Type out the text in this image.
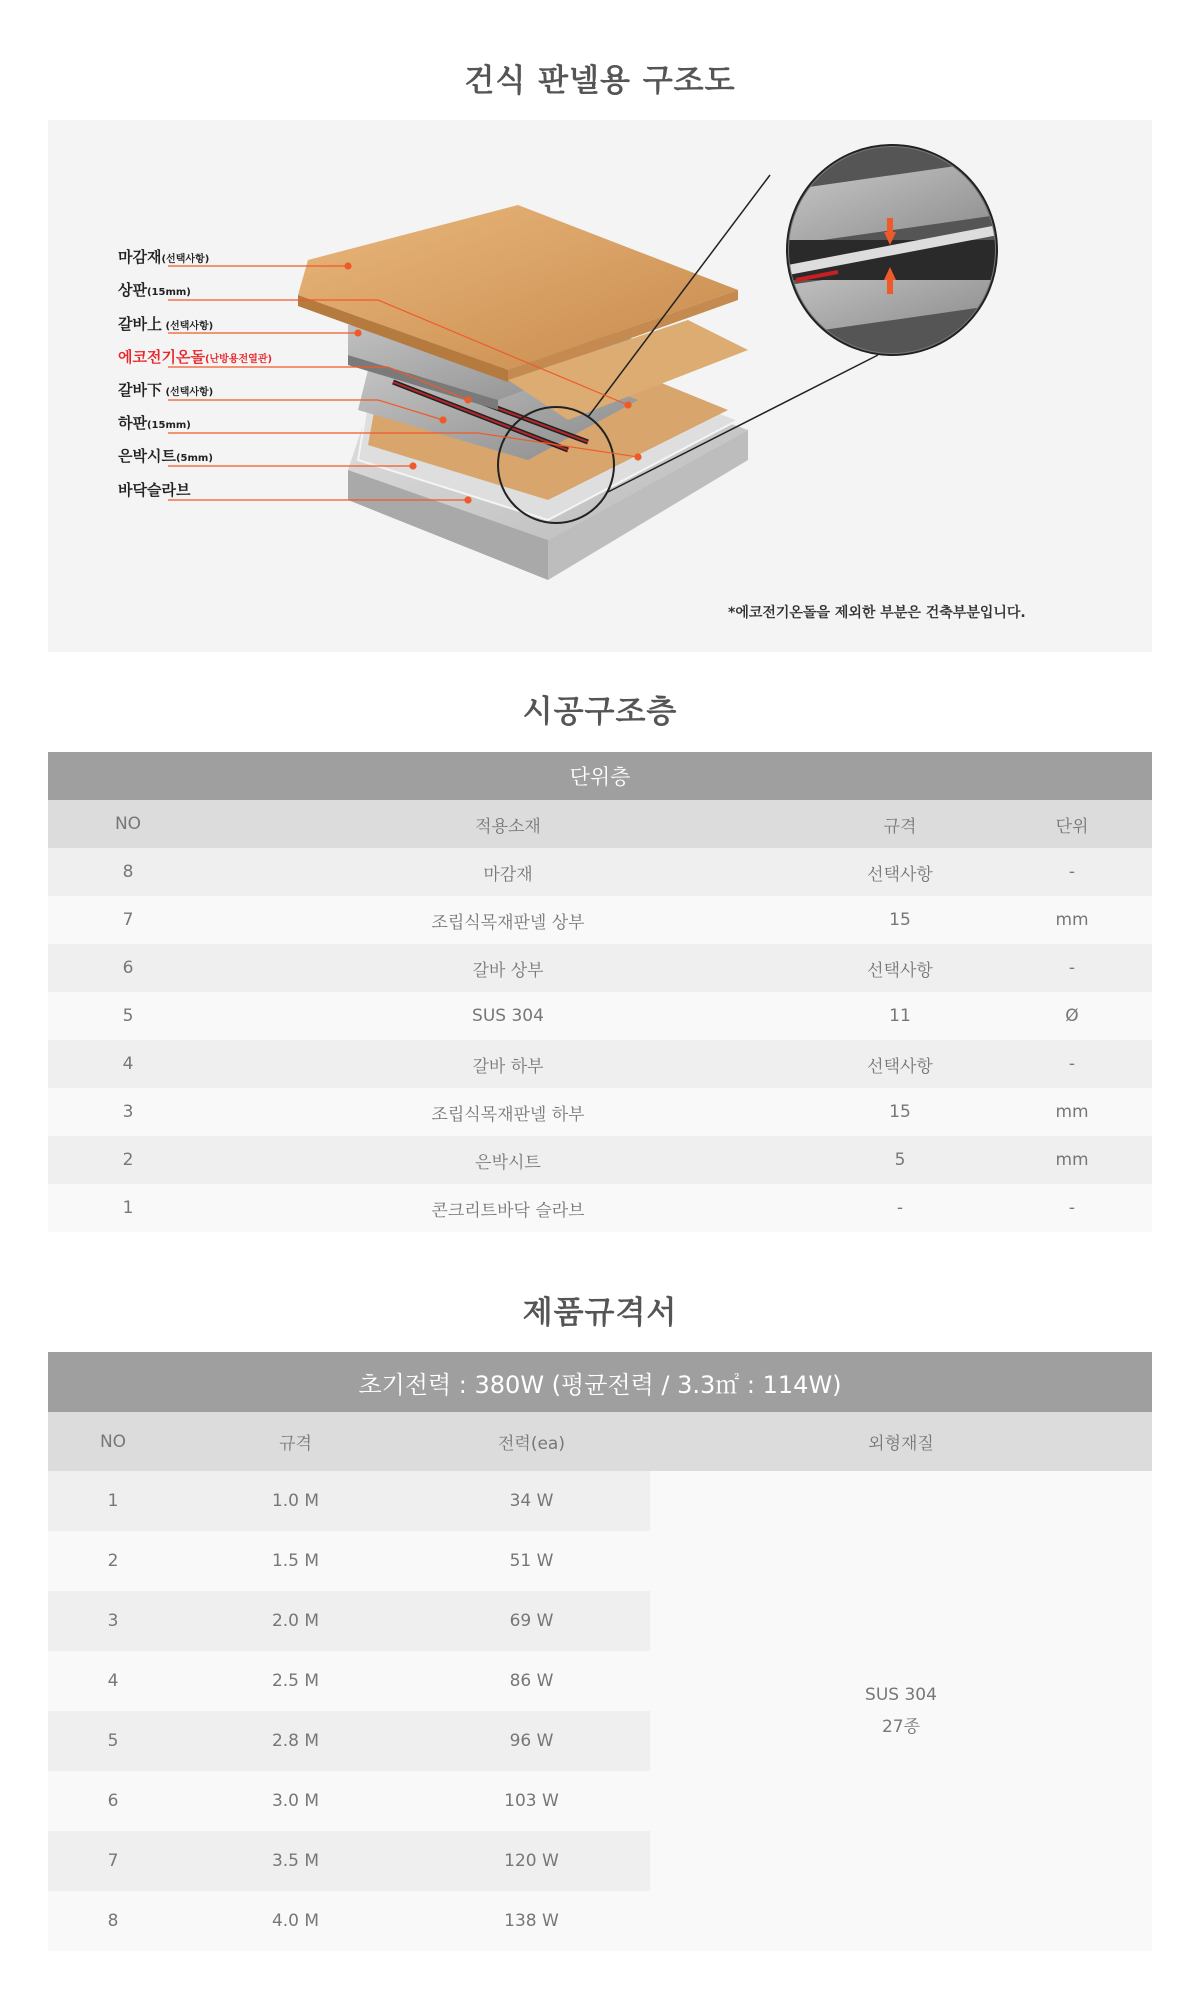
건식 판넬용 구조도
*에코전기온돌을 제외한 부분은 건축부분입니다.
마감재(선택사항)
상판(15mm)
갈바上 (선택사항)
에코전기온돌(난방용전열관)
갈바下 (선택사항)
하판(15mm)
은박시트(5mm)
바닥슬라브
시공구조층
단위층			
NO	적용소재	규격	단위
8	마감재	선택사항	-
7	조립식목재판넬 상부	15	mm
6	갈바 상부	선택사항	-
5	SUS 304	11	Ø
4	갈바 하부	선택사항	-
3	조립식목재판넬 하부	15	mm
2	은박시트	5	mm
1	콘크리트바닥 슬라브	-	-
제품규격서
초기전력 : 380W (평균전력 / 3.3㎡ : 114W)			
NO	규격	전력(ea)	외형재질
1	1.0 M	34 W	SUS 304
27종

2	1.5 M	51 W	
3	2.0 M	69 W	
4	2.5 M	86 W	
5	2.8 M	96 W	
6	3.0 M	103 W	
7	3.5 M	120 W	
8	4.0 M	138 W	
